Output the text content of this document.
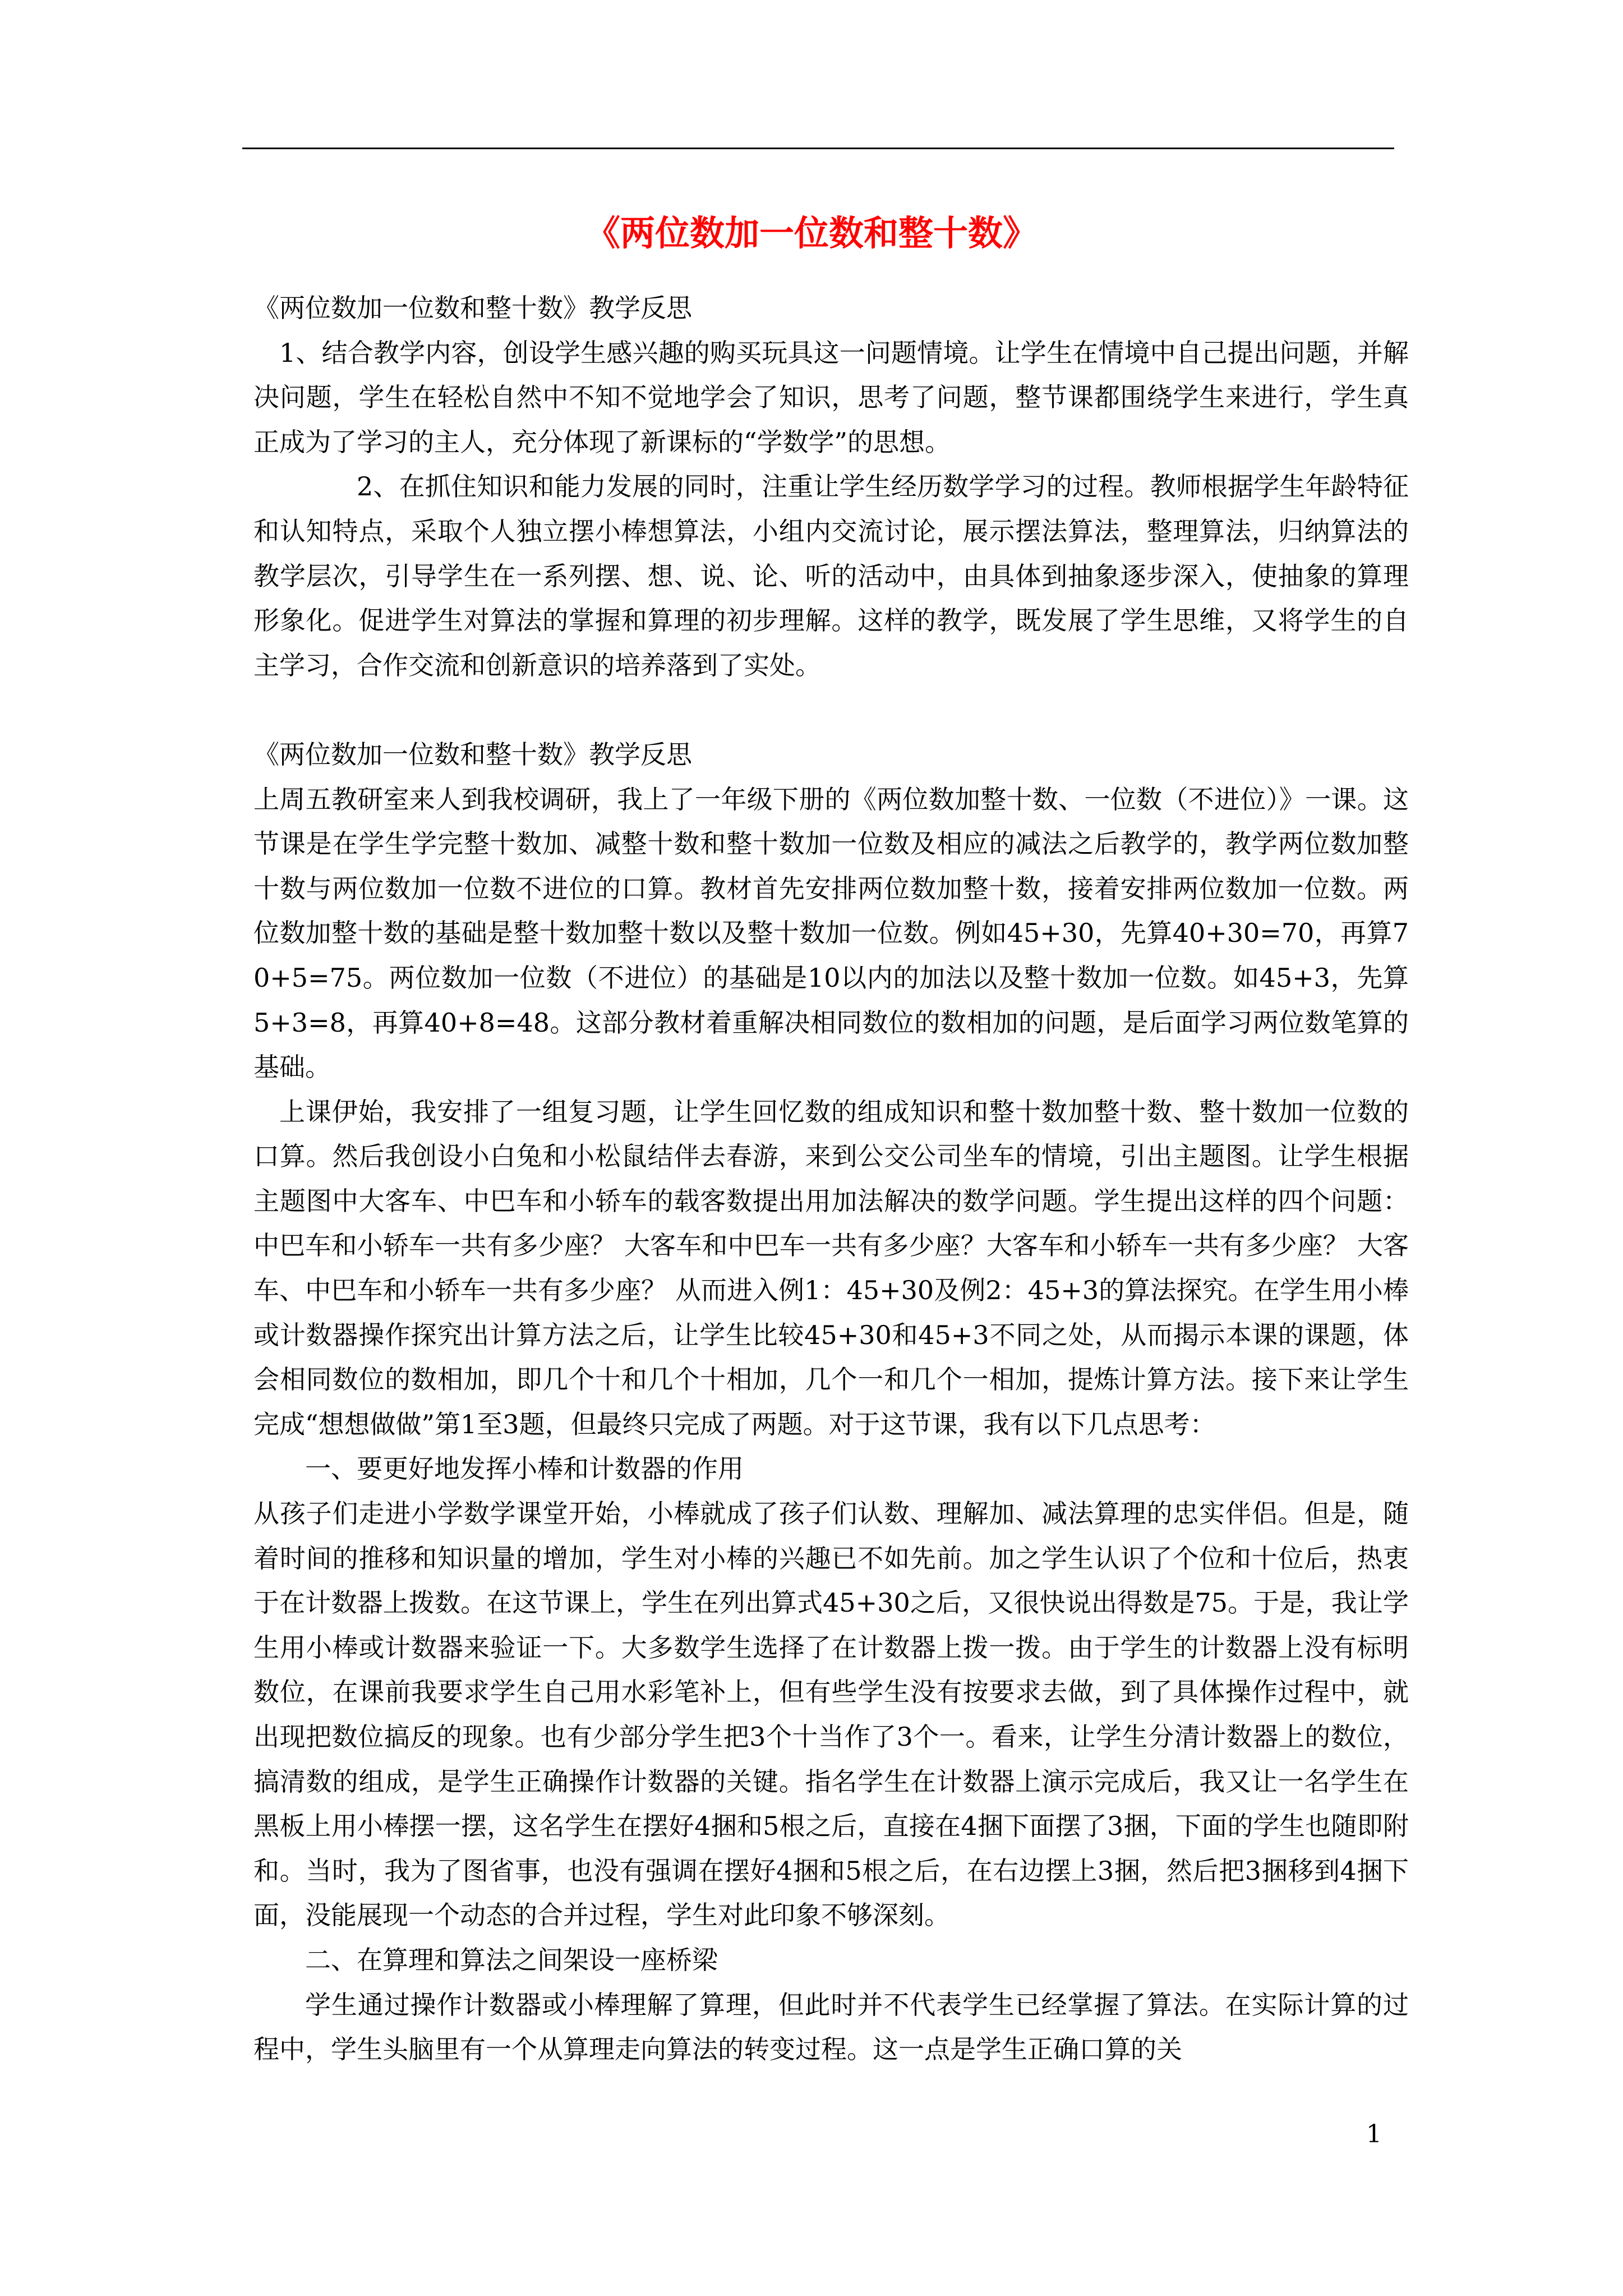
《两位数加一位数和整十数》

《两位数加一位数和整十数》教学反思

1、结合教学内容，创设学生感兴趣的购买玩具这一问题情境。让学生在情境中自己提出问题，并解决问题，学生在轻松自然中不知不觉地学会了知识，思考了问题，整节课都围绕学生来进行，学生真正成为了学习的主人，充分体现了新课标的“学数学”的思想。

2、在抓住知识和能力发展的同时，注重让学生经历数学学习的过程。教师根据学生年龄特征和认知特点，采取个人独立摆小棒想算法，小组内交流讨论，展示摆法算法，整理算法，归纳算法的教学层次，引导学生在一系列摆、想、说、论、听的活动中，由具体到抽象逐步深入，使抽象的算理形象化。促进学生对算法的掌握和算理的初步理解。这样的教学，既发展了学生思维，又将学生的自主学习，合作交流和创新意识的培养落到了实处。

《两位数加一位数和整十数》教学反思

上周五教研室来人到我校调研，我上了一年级下册的《两位数加整十数、一位数（不进位）》一课。这节课是在学生学完整十数加、减整十数和整十数加一位数及相应的减法之后教学的，教学两位数加整十数与两位数加一位数不进位的口算。教材首先安排两位数加整十数，接着安排两位数加一位数。两位数加整十数的基础是整十数加整十数以及整十数加一位数。例如45+30，先算40+30=70，再算70+5=75。两位数加一位数（不进位）的基础是10以内的加法以及整十数加一位数。如45+3，先算5+3=8，再算40+8=48。这部分教材着重解决相同数位的数相加的问题，是后面学习两位数笔算的基础。

上课伊始，我安排了一组复习题，让学生回忆数的组成知识和整十数加整十数、整十数加一位数的口算。然后我创设小白兔和小松鼠结伴去春游，来到公交公司坐车的情境，引出主题图。让学生根据主题图中大客车、中巴车和小轿车的载客数提出用加法解决的数学问题。学生提出这样的四个问题：中巴车和小轿车一共有多少座？ 大客车和中巴车一共有多少座？大客车和小轿车一共有多少座？ 大客车、中巴车和小轿车一共有多少座？ 从而进入例1：45+30及例2：45+3的算法探究。在学生用小棒或计数器操作探究出计算方法之后，让学生比较45+30和45+3不同之处，从而揭示本课的课题，体会相同数位的数相加，即几个十和几个十相加，几个一和几个一相加，提炼计算方法。接下来让学生完成“想想做做”第1至3题，但最终只完成了两题。对于这节课，我有以下几点思考：

一、要更好地发挥小棒和计数器的作用

从孩子们走进小学数学课堂开始，小棒就成了孩子们认数、理解加、减法算理的忠实伴侣。但是，随着时间的推移和知识量的增加，学生对小棒的兴趣已不如先前。加之学生认识了个位和十位后，热衷于在计数器上拨数。在这节课上，学生在列出算式45+30之后，又很快说出得数是75。于是，我让学生用小棒或计数器来验证一下。大多数学生选择了在计数器上拨一拨。由于学生的计数器上没有标明数位，在课前我要求学生自己用水彩笔补上，但有些学生没有按要求去做，到了具体操作过程中，就出现把数位搞反的现象。也有少部分学生把3个十当作了3个一。看来，让学生分清计数器上的数位，搞清数的组成，是学生正确操作计数器的关键。指名学生在计数器上演示完成后，我又让一名学生在黑板上用小棒摆一摆，这名学生在摆好4捆和5根之后，直接在4捆下面摆了3捆，下面的学生也随即附和。当时，我为了图省事，也没有强调在摆好4捆和5根之后，在右边摆上3捆，然后把3捆移到4捆下面，没能展现一个动态的合并过程，学生对此印象不够深刻。

二、在算理和算法之间架设一座桥梁

学生通过操作计数器或小棒理解了算理，但此时并不代表学生已经掌握了算法。在实际计算的过程中，学生头脑里有一个从算理走向算法的转变过程。这一点是学生正确口算的关

1
